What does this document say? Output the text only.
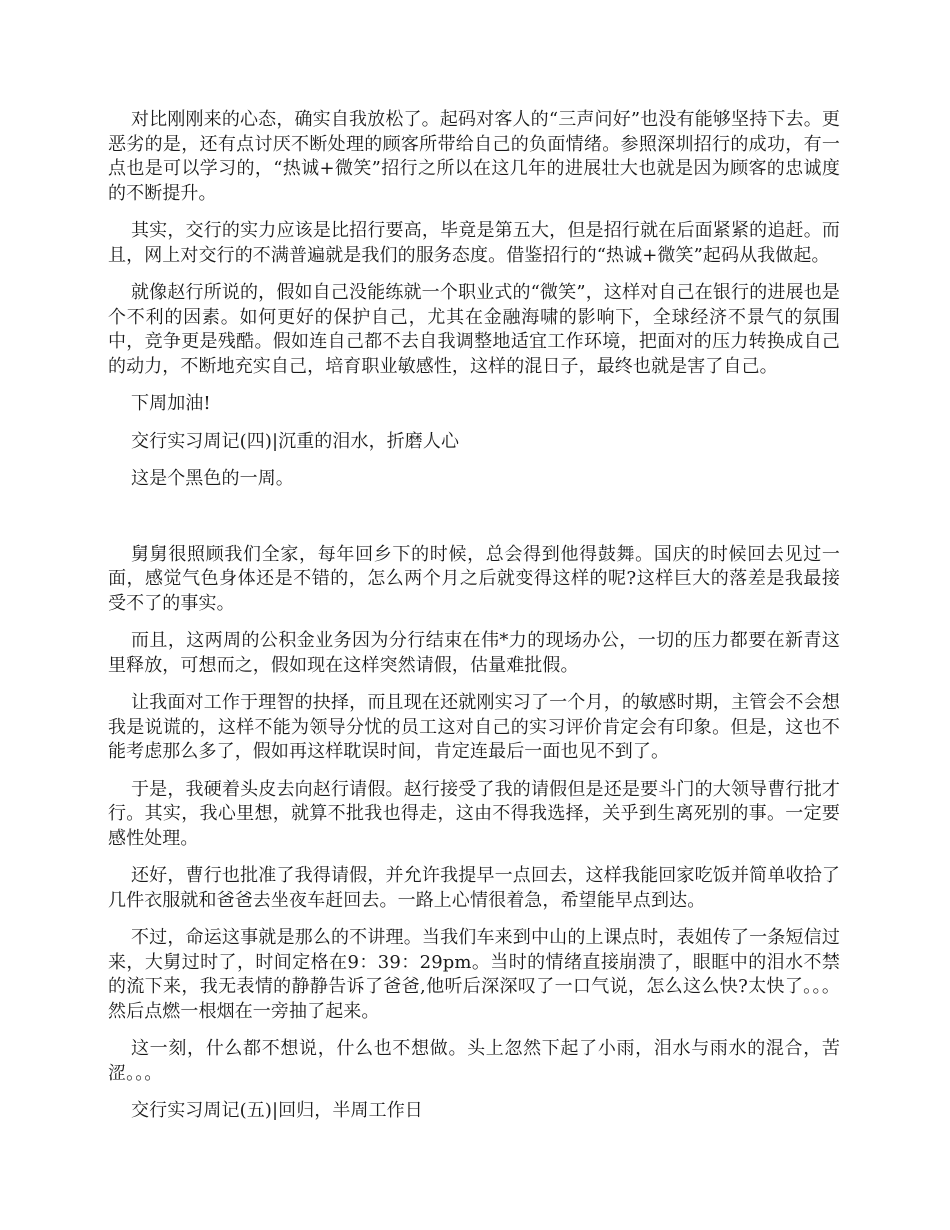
对比刚刚来的心态，确实自我放松了。起码对客人的“三声问好”也没有能够坚持下去。更恶劣的是，还有点讨厌不断处理的顾客所带给自己的负面情绪。参照深圳招行的成功，有一点也是可以学习的，“热诚+微笑”招行之所以在这几年的进展壮大也就是因为顾客的忠诚度的不断提升。

其实，交行的实力应该是比招行要高，毕竟是第五大，但是招行就在后面紧紧的追赶。而且，网上对交行的不满普遍就是我们的服务态度。借鉴招行的“热诚+微笑”起码从我做起。

就像赵行所说的，假如自己没能练就一个职业式的“微笑”，这样对自己在银行的进展也是个不利的因素。如何更好的保护自己，尤其在金融海啸的影响下，全球经济不景气的氛围中，竞争更是残酷。假如连自己都不去自我调整地适宜工作环境，把面对的压力转换成自己的动力，不断地充实自己，培育职业敏感性，这样的混日子，最终也就是害了自己。

下周加油!

交行实习周记(四)|沉重的泪水，折磨人心

这是个黑色的一周。

舅舅很照顾我们全家，每年回乡下的时候，总会得到他得鼓舞。国庆的时候回去见过一面，感觉气色身体还是不错的，怎么两个月之后就变得这样的呢?这样巨大的落差是我最接受不了的事实。

而且，这两周的公积金业务因为分行结束在伟*力的现场办公，一切的压力都要在新青这里释放，可想而之，假如现在这样突然请假，估量难批假。

让我面对工作于理智的抉择，而且现在还就刚实习了一个月，的敏感时期，主管会不会想我是说谎的，这样不能为领导分忧的员工这对自己的实习评价肯定会有印象。但是，这也不能考虑那么多了，假如再这样耽误时间，肯定连最后一面也见不到了。

于是，我硬着头皮去向赵行请假。赵行接受了我的请假但是还是要斗门的大领导曹行批才行。其实，我心里想，就算不批我也得走，这由不得我选择，关乎到生离死别的事。一定要感性处理。

还好，曹行也批准了我得请假，并允许我提早一点回去，这样我能回家吃饭并简单收拾了几件衣服就和爸爸去坐夜车赶回去。一路上心情很着急，希望能早点到达。

不过，命运这事就是那么的不讲理。当我们车来到中山的上课点时，表姐传了一条短信过来，大舅过时了，时间定格在9：39：29pm。当时的情绪直接崩溃了，眼眶中的泪水不禁的流下来，我无表情的静静告诉了爸爸,他听后深深叹了一口气说，怎么这么快?太快了。。。然后点燃一根烟在一旁抽了起来。

这一刻，什么都不想说，什么也不想做。头上忽然下起了小雨，泪水与雨水的混合，苦涩。。。

交行实习周记(五)|回归，半周工作日
